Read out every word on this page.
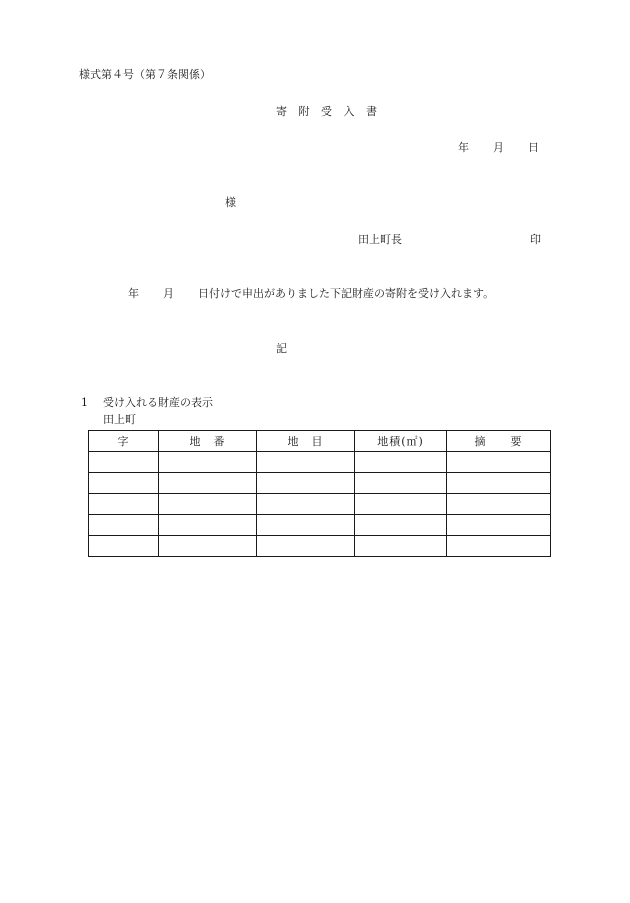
様式第４号（第７条関係）
寄 附 受 入 書
年 月 日
様
田上町長	印
年 月 日付けで申出がありました下記財産の寄附を受け入れます。
記
1 受け入れる財産の表示
田上町
字	地　番	地　目	地積(㎡)	摘　　要
